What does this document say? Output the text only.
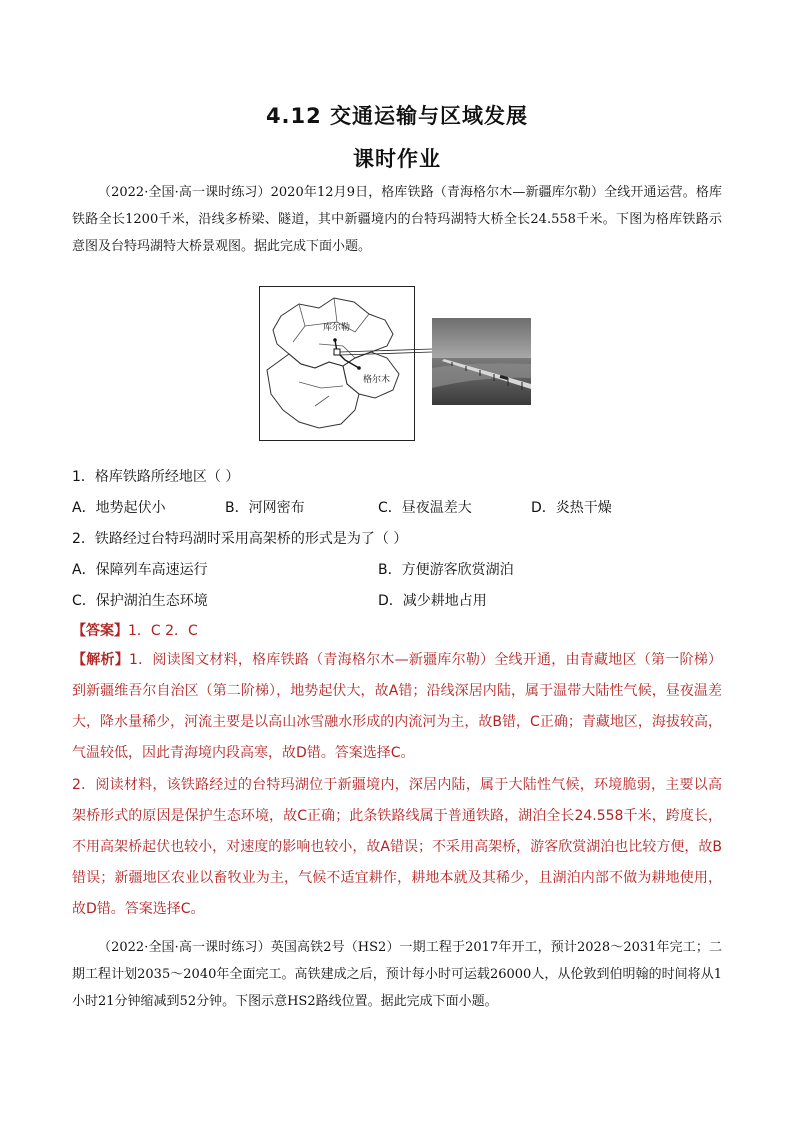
4.12 交通运输与区域发展
课时作业
（2022·全国·高一课时练习）2020年12月9日，格库铁路（青海格尔木—新疆库尔勒）全线开通运营。格库铁路全长1200千米，沿线多桥梁、隧道，其中新疆境内的台特玛湖特大桥全长24.558千米。下图为格库铁路示意图及台特玛湖特大桥景观图。据此完成下面小题。
库尔勒
格尔木
1．格库铁路所经地区（ ）
A．地势起伏小	B．河网密布	C．昼夜温差大	D．炎热干燥
2．铁路经过台特玛湖时采用高架桥的形式是为了（ ）
A．保障列车高速运行	B．方便游客欣赏湖泊
C．保护湖泊生态环境	D．减少耕地占用
【答案】1．C 2．C
【解析】1．阅读图文材料，格库铁路（青海格尔木—新疆库尔勒）全线开通，由青藏地区（第一阶梯）到新疆维吾尔自治区（第二阶梯），地势起伏大，故A错；沿线深居内陆，属于温带大陆性气候，昼夜温差大，降水量稀少，河流主要是以高山冰雪融水形成的内流河为主，故B错，C正确；青藏地区，海拔较高，气温较低，因此青海境内段高寒，故D错。答案选择C。
2．阅读材料，该铁路经过的台特玛湖位于新疆境内，深居内陆，属于大陆性气候，环境脆弱，主要以高架桥形式的原因是保护生态环境，故C正确；此条铁路线属于普通铁路，湖泊全长24.558千米，跨度长，不用高架桥起伏也较小，对速度的影响也较小，故A错误；不采用高架桥，游客欣赏湖泊也比较方便，故B错误；新疆地区农业以畜牧业为主，气候不适宜耕作，耕地本就及其稀少，且湖泊内部不做为耕地使用，故D错。答案选择C。
（2022·全国·高一课时练习）英国高铁2号（HS2）一期工程于2017年开工，预计2028～2031年完工；二期工程计划2035～2040年全面完工。高铁建成之后，预计每小时可运载26000人，从伦敦到伯明翰的时间将从1小时21分钟缩减到52分钟。下图示意HS2路线位置。据此完成下面小题。
